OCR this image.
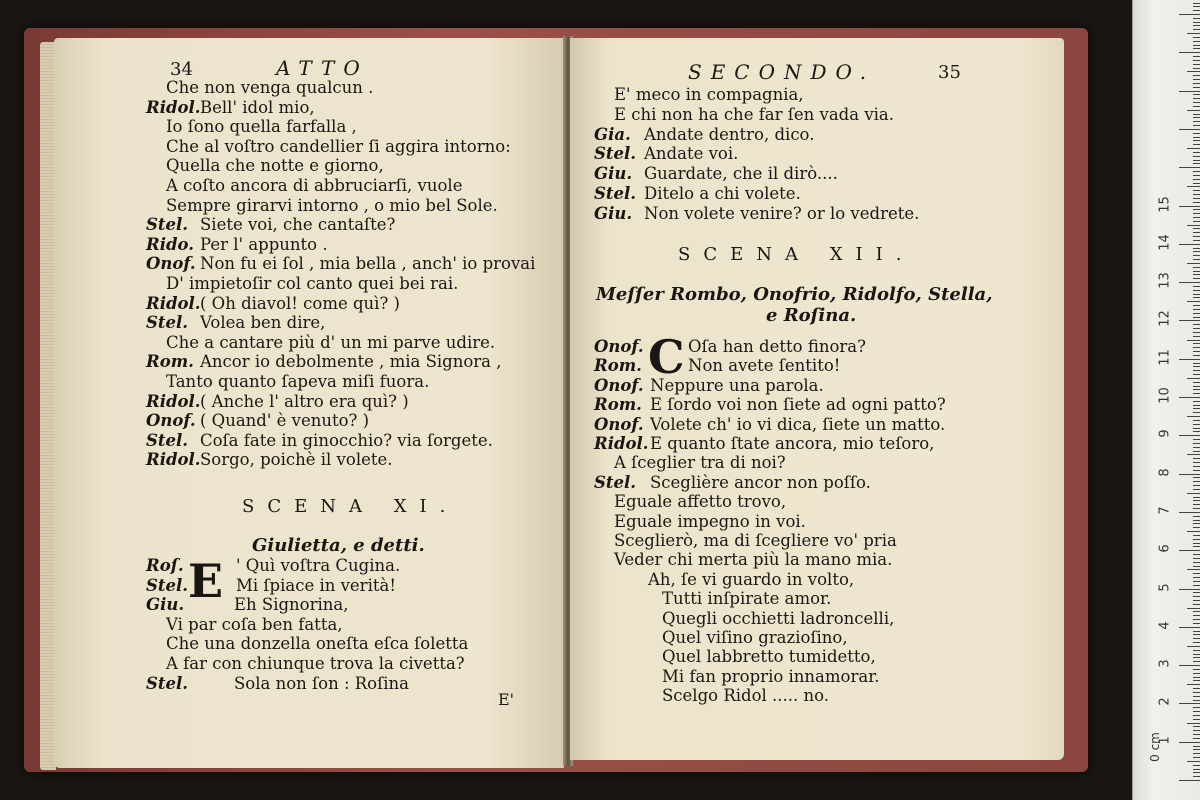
34	ATTO
Che non venga qualcun .
Ridol. Bell' idol mio,
Io ſono quella farfalla ,
Che al voſtro candellier ſi aggira intorno:
Quella che notte e giorno,
A coſto ancora di abbruciarſi, vuole
Sempre girarvi intorno , o mio bel Sole.
Stel. Siete voi, che cantaſte?
Rido. Per l' appunto .
Onof. Non fu ei ſol , mia bella , anch' io provai
D' impietoſir col canto quei bei rai.
Ridol. ( Oh diavol! come quì? )
Stel. Volea ben dire,
Che a cantare più d' un mi parve udire.
Rom. Ancor io debolmente , mia Signora ,
Tanto quanto ſapeva miſi fuora.
Ridol. ( Anche l' altro era quì? )
Onof. ( Quand' è venuto? )
Stel. Coſa fate in ginocchio? via ſorgete.
Ridol. Sorgo, poichè il volete.
SCENA XI.
Giulietta, e detti.
E
Roſ.	' Quì voſtra Cugina.
Stel.	Mi ſpiace in verità!
Giu.	Eh Signorina,
Vi par coſa ben fatta,
Che una donzella oneſta eſca ſoletta
A far con chiunque trova la civetta?
Stel.	Sola non ſon : Roſina
E'
SECONDO.	35
E' meco in compagnia,
E chi non ha che far ſen vada via.
Gia. Andate dentro, dico.
Stel. Andate voi.
Giu. Guardate, che il dirò....
Stel. Ditelo a chi volete.
Giu. Non volete venire? or lo vedrete.
SCENA XII.
Meſſer Rombo, Onofrio, Ridolfo, Stella,
e Roſina.
C
Onof.	Oſa han detto finora?
Rom.	Non avete ſentito!
Onof. Neppure una parola.
Rom. E ſordo voi non ſiete ad ogni patto?
Onof. Volete ch' io vi dica, ſiete un matto.
Ridol. E quanto ſtate ancora, mio teſoro,
A ſceglier tra di noi?
Stel. Sceglière ancor non poſſo.
Eguale affetto trovo,
Eguale impegno in voi.
Sceglierò, ma di ſcegliere vo' pria
Veder chi merta più la mano mia.
Ah, ſe vi guardo in volto,
Tutti inſpirate amor.
Quegli occhietti ladroncelli,
Quel viſino grazioſino,
Quel labbretto tumidetto,
Mi fan proprio innamorar.
Scelgo Ridol ..... no.
15
14
13
12
11
10
9
8
7
6
5
4
3
2
1
0 cm
